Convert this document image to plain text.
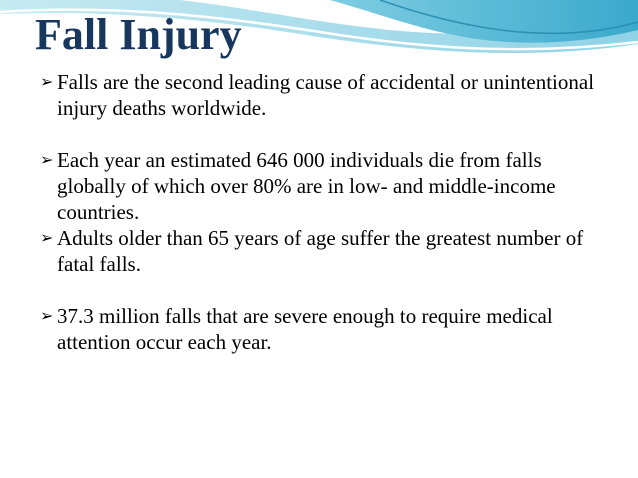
Fall Injury
➢ Falls are the second leading cause of accidental or unintentional injury deaths worldwide.
➢ Each year an estimated 646 000 individuals die from falls globally of which over 80% are in low- and middle-income countries.
➢ Adults older than 65 years of age suffer the greatest number of fatal falls.
➢ 37.3 million falls that are severe enough to require medical attention occur each year.
